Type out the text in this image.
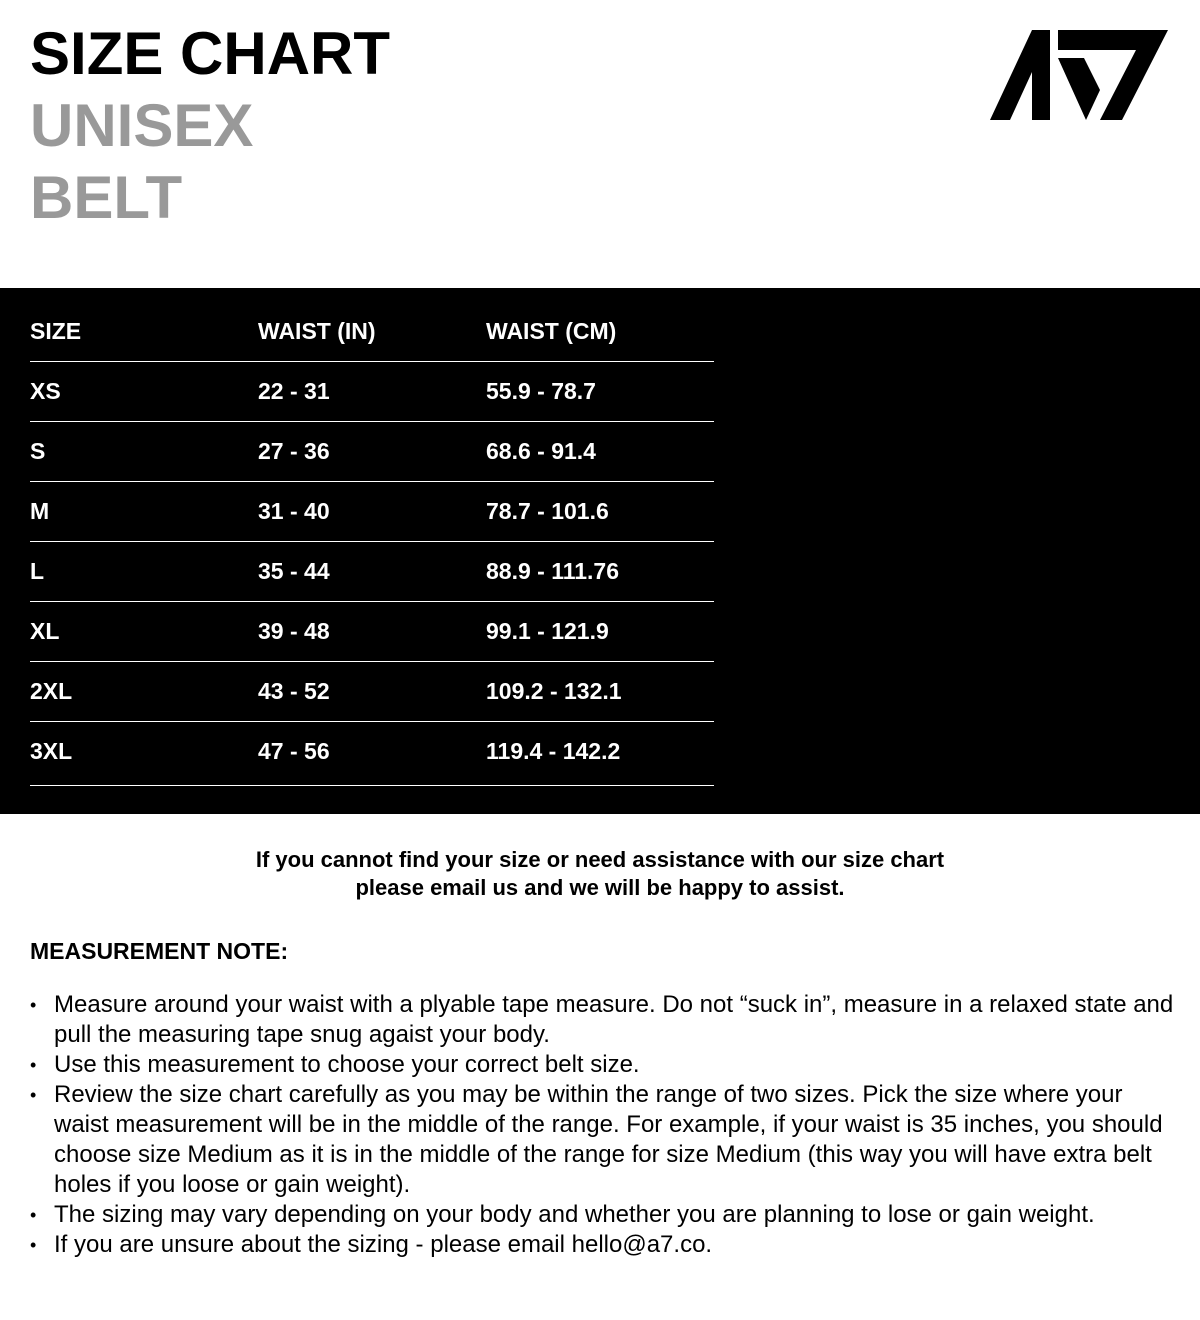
SIZE CHART
UNISEX
BELT
SIZE	WAIST (IN)	WAIST (CM)
XS	22 - 31	55.9 - 78.7
S	27 - 36	68.6 - 91.4
M	31 - 40	78.7 - 101.6
L	35 - 44	88.9 - 111.76
XL	39 - 48	99.1 - 121.9
2XL	43 - 52	109.2 - 132.1
3XL	47 - 56	119.4 - 142.2
If you cannot find your size or need assistance with our size chart
please email us and we will be happy to assist.
MEASUREMENT NOTE:
• Measure around your waist with a plyable tape measure. Do not “suck in”, measure in a relaxed state and pull the measuring tape snug agaist your body.
• Use this measurement to choose your correct belt size.
• Review the size chart carefully as you may be within the range of two sizes. Pick the size where your waist measurement will be in the middle of the range. For example, if your waist is 35 inches, you should choose size Medium as it is in the middle of the range for size Medium (this way you will have extra belt holes if you loose or gain weight).
• The sizing may vary depending on your body and whether you are planning to lose or gain weight.
• If you are unsure about the sizing - please email hello@a7.co.
